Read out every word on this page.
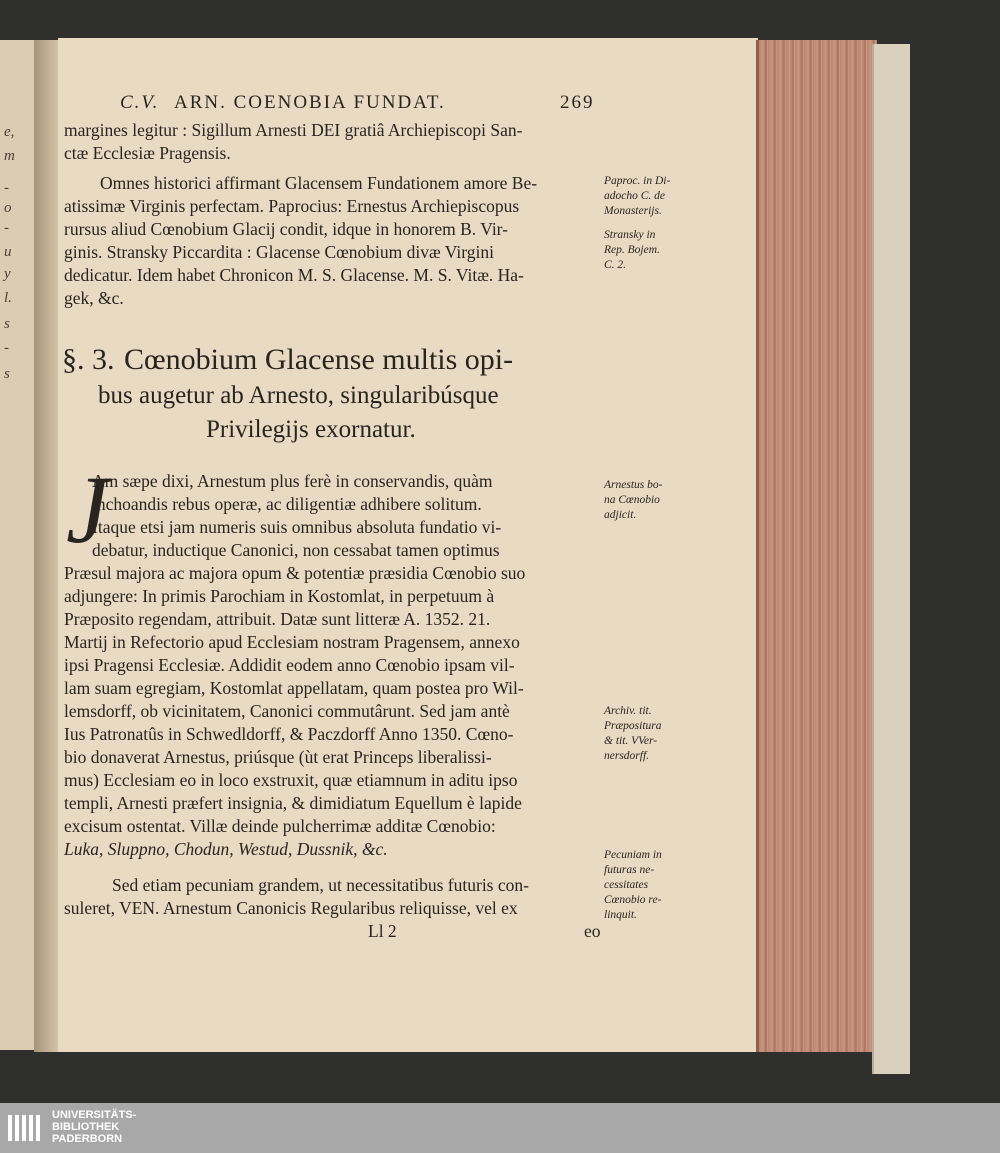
e,
m
-
o
-
u
y
l.
s
-
s
C.V. ARN. COENOBIA FUNDAT.	269
margines legitur : Sigillum Arnesti DEI gratiâ Archiepiscopi San-
ctæ Ecclesiæ Pragensis.
Omnes historici affirmant Glacensem Fundationem amore Be-
atissimæ Virginis perfectam. Paprocius: Ernestus Archiepiscopus
rursus aliud Cœnobium Glacij condit, idque in honorem B. Vir-
ginis. Stransky Piccardita : Glacense Cœnobium divæ Virgini
dedicatur. Idem habet Chronicon M. S. Glacense. M. S. Vitæ. Ha-
gek, &c.
§. 3. Cœnobium Glacense multis opi-
bus augetur ab Arnesto, singularibúsque
Privilegijs exornatur.
J
Am sæpe dixi, Arnestum plus ferè in conservandis, quàm
inchoandis rebus operæ, ac diligentiæ adhibere solitum.
Itaque etsi jam numeris suis omnibus absoluta fundatio vi-
debatur, inductique Canonici, non cessabat tamen optimus
Præsul majora ac majora opum & potentiæ præsidia Cœnobio suo
adjungere: In primis Parochiam in Kostomlat, in perpetuum à
Præposito regendam, attribuit. Datæ sunt litteræ A. 1352. 21.
Martij in Refectorio apud Ecclesiam nostram Pragensem, annexo
ipsi Pragensi Ecclesiæ. Addidit eodem anno Cœnobio ipsam vil-
lam suam egregiam, Kostomlat appellatam, quam postea pro Wil-
lemsdorff, ob vicinitatem, Canonici commutârunt. Sed jam antè
Ius Patronatûs in Schwedldorff, & Paczdorff Anno 1350. Cœno-
bio donaverat Arnestus, priúsque (ùt erat Princeps liberalissi-
mus) Ecclesiam eo in loco exstruxit, quæ etiamnum in aditu ipso
templi, Arnesti præfert insignia, & dimidiatum Equellum è lapide
excisum ostentat. Villæ deinde pulcherrimæ additæ Cœnobio:
Luka, Sluppno, Chodun, Westud, Dussnik, &c.
Sed etiam pecuniam grandem, ut necessitatibus futuris con-
suleret, VEN. Arnestum Canonicis Regularibus reliquisse, vel ex
Ll 2	eo
Paproc. in Di-
adocho C. de
Monasterijs.
Stransky in
Rep. Bojem.
C. 2.
Arnestus bo-
na Cœnobio
adjicit.
Archiv. tit.
Præpositura
& tit. VVer-
nersdorff.
Pecuniam in
futuras ne-
cessitates
Cœnobio re-
linquit.
UNIVERSITÄTS-
BIBLIOTHEK
PADERBORN
